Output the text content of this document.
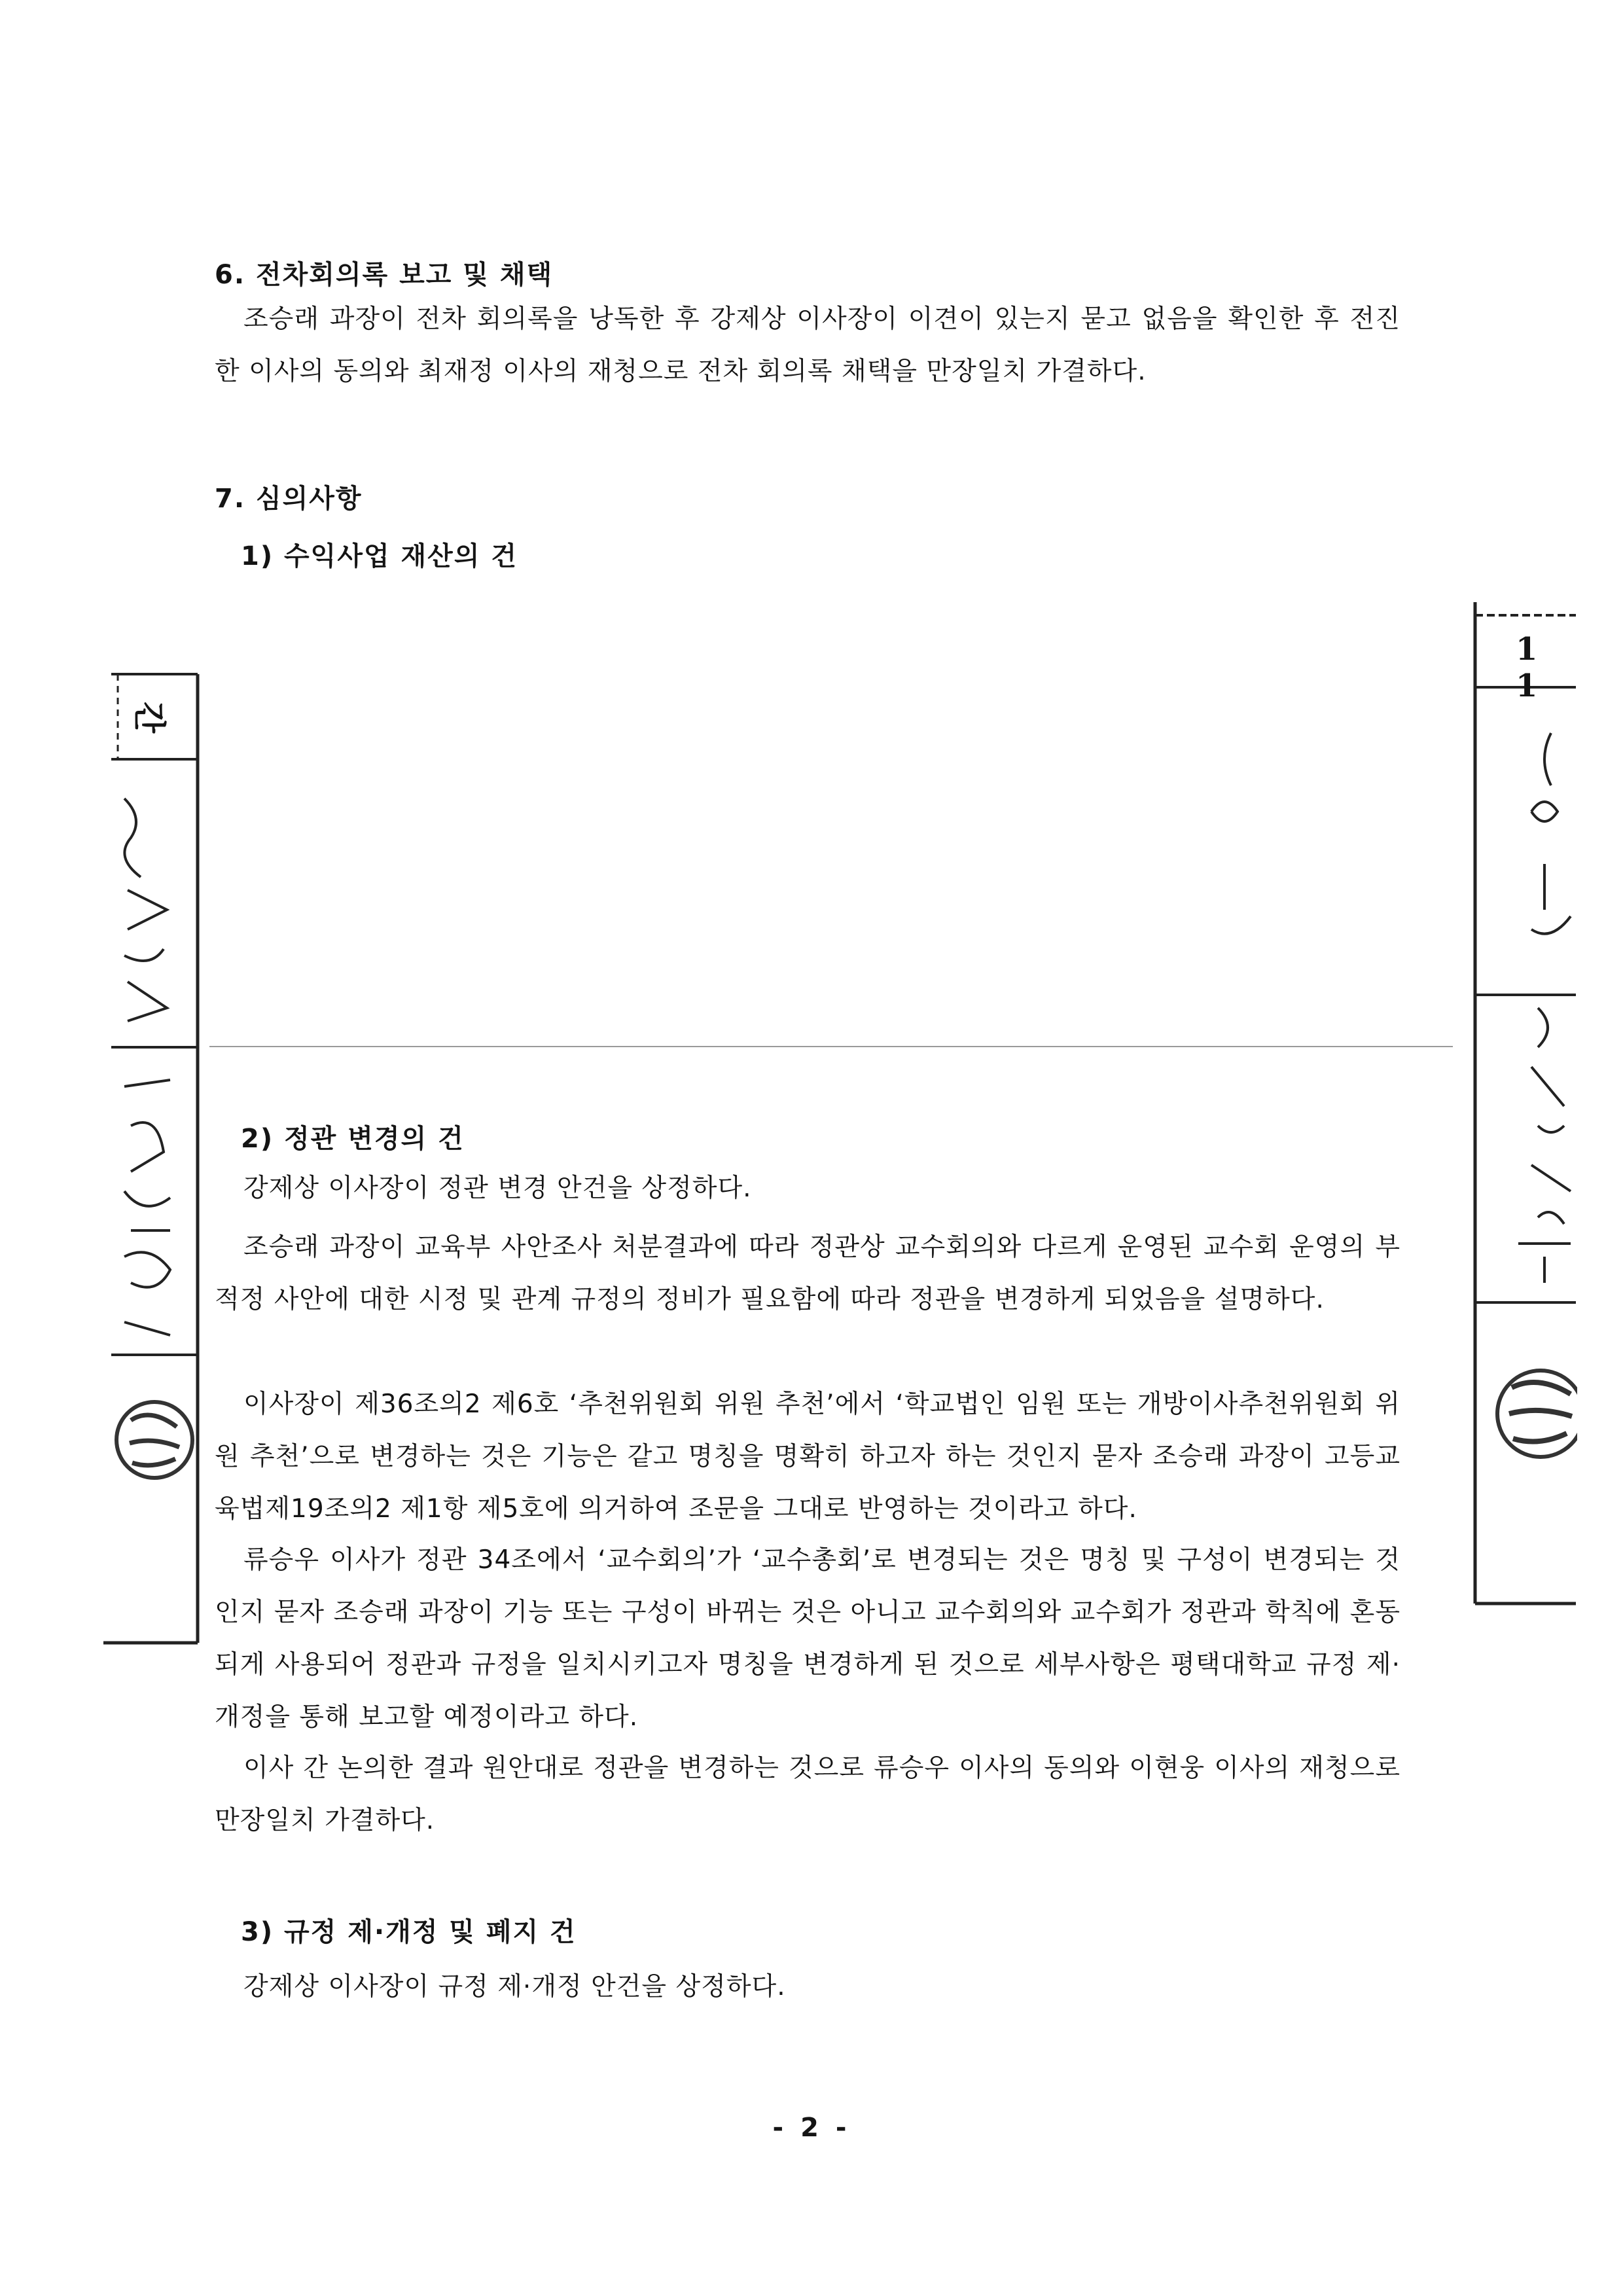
6. 전차회의록 보고 및 채택
조승래 과장이 전차 회의록을 낭독한 후 강제상 이사장이 이견이 있는지 묻고 없음을 확인한 후 전진한 이사의 동의와 최재정 이사의 재청으로 전차 회의록 채택을 만장일치 가결하다.
7. 심의사항
1) 수익사업 재산의 건
2) 정관 변경의 건
강제상 이사장이 정관 변경 안건을 상정하다.
조승래 과장이 교육부 사안조사 처분결과에 따라 정관상 교수회의와 다르게 운영된 교수회 운영의 부적정 사안에 대한 시정 및 관계 규정의 정비가 필요함에 따라 정관을 변경하게 되었음을 설명하다.
이사장이 제36조의2 제6호 ‘추천위원회 위원 추천’에서 ‘학교법인 임원 또는 개방이사추천위원회 위원 추천’으로 변경하는 것은 기능은 같고 명칭을 명확히 하고자 하는 것인지 묻자 조승래 과장이 고등교육법제19조의2 제1항 제5호에 의거하여 조문을 그대로 반영하는 것이라고 하다.
류승우 이사가 정관 34조에서 ‘교수회의’가 ‘교수총회’로 변경되는 것은 명칭 및 구성이 변경되는 것인지 묻자 조승래 과장이 기능 또는 구성이 바뀌는 것은 아니고 교수회의와 교수회가 정관과 학칙에 혼동되게 사용되어 정관과 규정을 일치시키고자 명칭을 변경하게 된 것으로 세부사항은 평택대학교 규정 제·개정을 통해 보고할 예정이라고 하다.
이사 간 논의한 결과 원안대로 정관을 변경하는 것으로 류승우 이사의 동의와 이현웅 이사의 재청으로 만장일치 가결하다.
3) 규정 제·개정 및 폐지 건
강제상 이사장이 규정 제·개정 안건을 상정하다.
- 2 -
간
1 1
